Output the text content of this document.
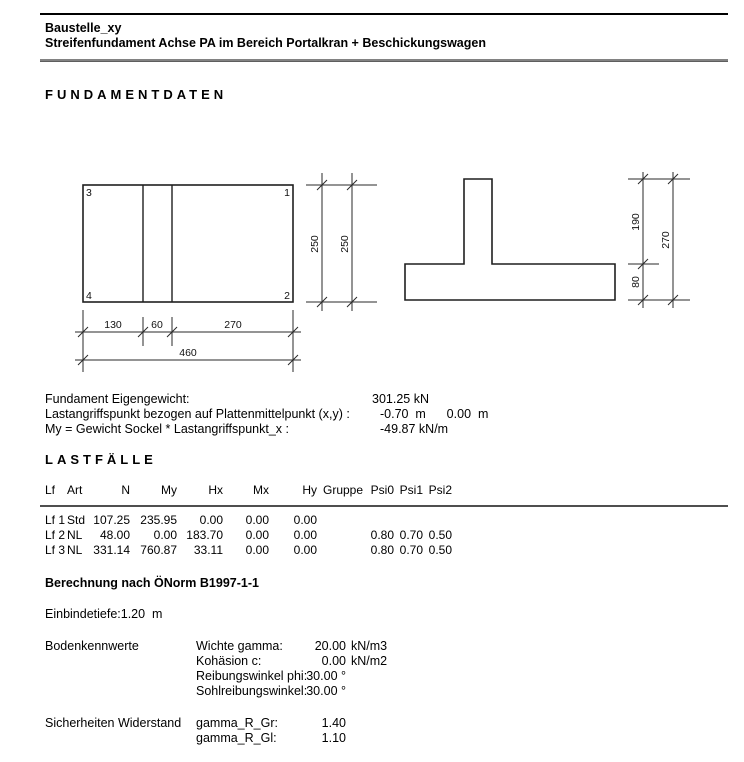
Baustelle_xy
Streifenfundament Achse PA im Bereich Portalkran + Beschickungswagen
FUNDAMENTDATEN
3	1
4	2
250 250
130	60	270
460
190
80
270
Fundament Eigengewicht:	301.25 kN
Lastangriffspunkt bezogen auf Plattenmittelpunkt (x,y) : -0.70  m      0.00  m
My = Gewicht Sockel * Lastangriffspunkt_x :	-49.87 kN/m
LASTFÄLLE
Lf Art	N	My	Hx	Mx	Hy Gruppe Psi0 Psi1 Psi2
Lf 1 Std 107.25 235.95	0.00	0.00	0.00
Lf 2 NL	48.00	0.00 183.70	0.00	0.00	0.80 0.70 0.50
Lf 3 NL 331.14 760.87	33.11	0.00	0.00	0.80 0.70 0.50
Berechnung nach ÖNorm B1997-1-1
Einbindetiefe:1.20  m
Bodenkennwerte	Wichte gamma:	20.00 kN/m3
Kohäsion c:	0.00 kN/m2
Reibungswinkel phi:30.00 °
Sohlreibungswinkel:30.00 °
Sicherheiten Widerstand gamma_R_Gr:	1.40
gamma_R_Gl:	1.10
